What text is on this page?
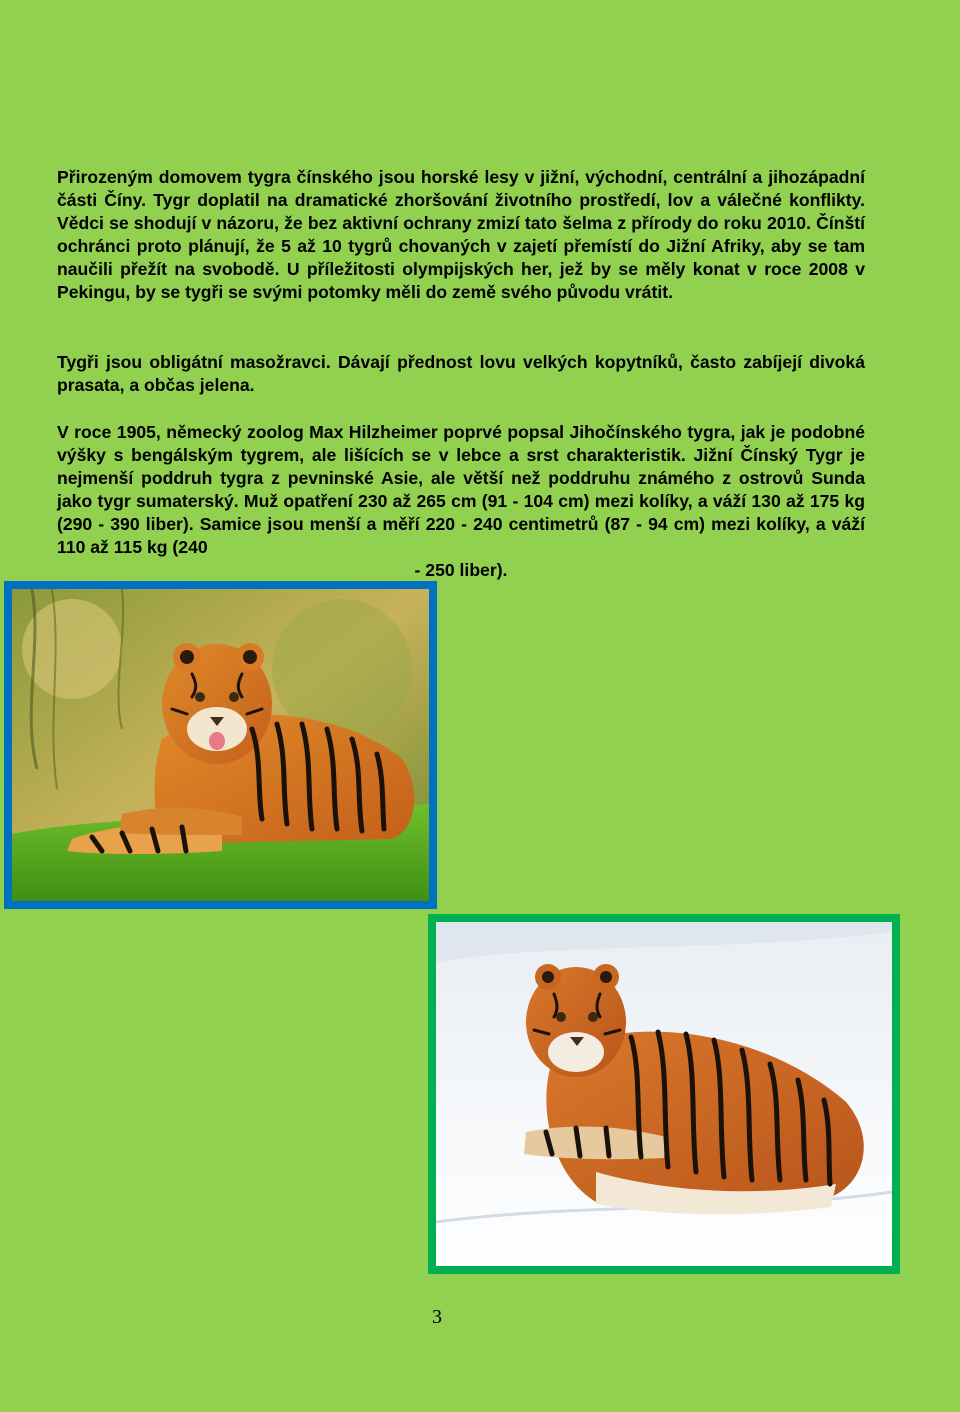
Přirozeným domovem tygra čínského jsou horské lesy v jižní, východní, centrální a jihozápadní části Číny. Tygr doplatil na dramatické zhoršování životního prostředí, lov a válečné konflikty. Vědci se shodují v názoru, že bez aktivní ochrany zmizí tato šelma z přírody do roku 2010. Čínští ochránci proto plánují, že 5 až 10 tygrů chovaných v zajetí přemístí do Jižní Afriky, aby se tam naučili přežít na svobodě. U příležitosti olympijských her, jež by se měly konat v roce 2008 v Pekingu, by se tygři se svými potomky měli do země svého původu vrátit.

Tygři jsou obligátní masožravci. Dávají přednost lovu velkých kopytníků, často zabíjejí divoká prasata, a občas jelena.

V roce 1905, německý zoolog Max Hilzheimer poprvé popsal Jihočínského tygra, jak je podobné výšky s bengálským tygrem, ale lišících se v lebce a srst charakteristik. Jižní Čínský Tygr je nejmenší poddruh tygra z pevninské Asie, ale větší než poddruhu známého z ostrovů Sunda jako tygr sumaterský. Muž opatření 230 až 265 cm (91 - 104 cm) mezi kolíky, a váží 130 až 175 kg (290 - 390 liber). Samice jsou menší a měří 220 - 240 centimetrů (87 - 94 cm) mezi kolíky, a váží 110 až 115 kg (240
- 250 liber).

3
